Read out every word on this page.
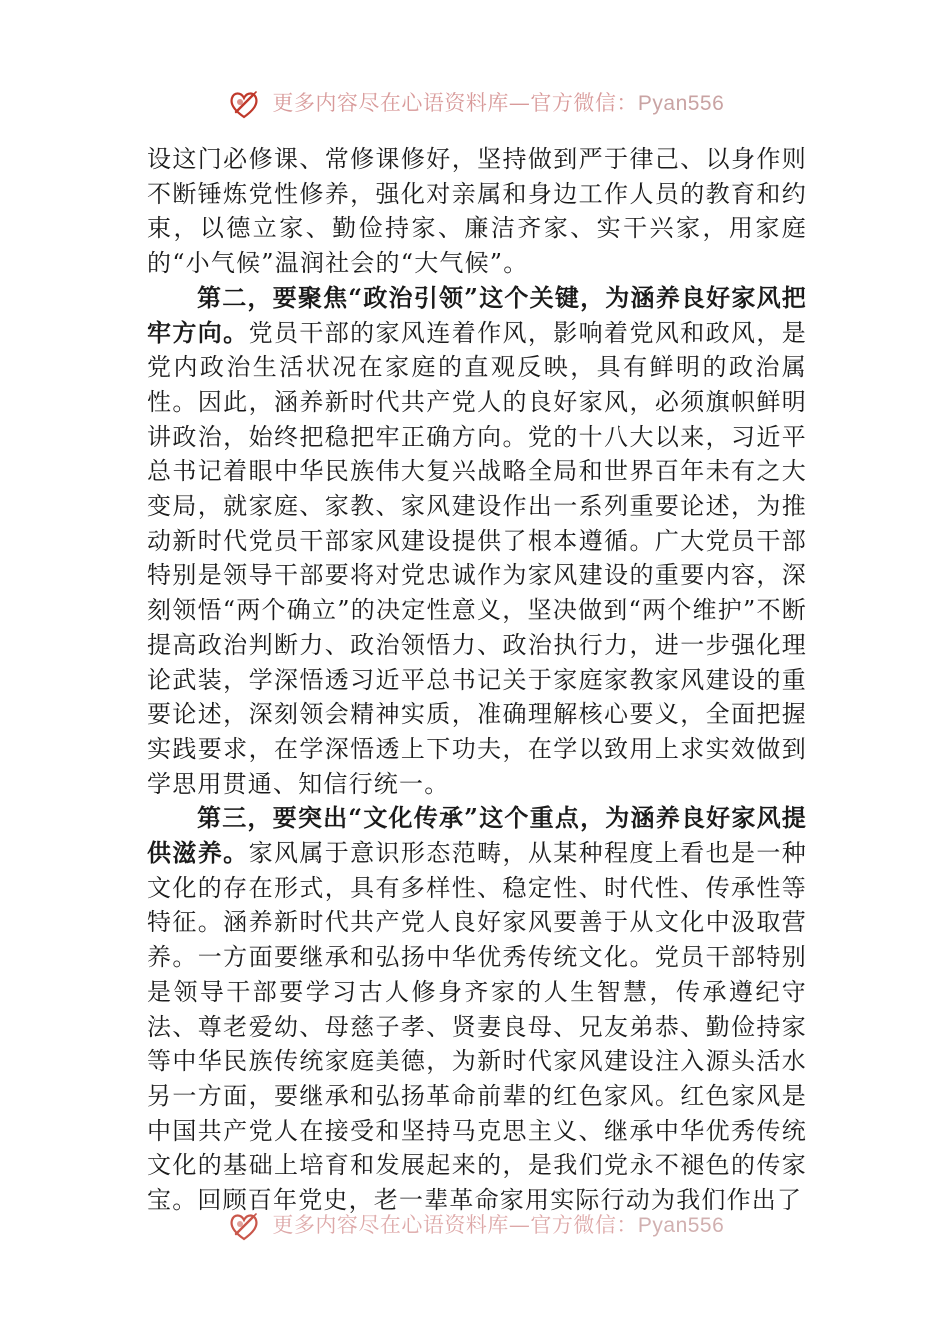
更多内容尽在心语资料库—官方微信：Pyan556

设这门必修课、常修课修好，坚持做到严于律己、以身作则不断锤炼党性修养，强化对亲属和身边工作人员的教育和约束，以德立家、勤俭持家、廉洁齐家、实干兴家，用家庭的“小气候”温润社会的“大气候”。

第二，要聚焦“政治引领”这个关键，为涵养良好家风把牢方向。党员干部的家风连着作风，影响着党风和政风，是党内政治生活状况在家庭的直观反映，具有鲜明的政治属性。因此，涵养新时代共产党人的良好家风，必须旗帜鲜明讲政治，始终把稳把牢正确方向。党的十八大以来，习近平总书记着眼中华民族伟大复兴战略全局和世界百年未有之大变局，就家庭、家教、家风建设作出一系列重要论述，为推动新时代党员干部家风建设提供了根本遵循。广大党员干部特别是领导干部要将对党忠诚作为家风建设的重要内容，深刻领悟“两个确立”的决定性意义，坚决做到“两个维护”不断提高政治判断力、政治领悟力、政治执行力，进一步强化理论武装，学深悟透习近平总书记关于家庭家教家风建设的重要论述，深刻领会精神实质，准确理解核心要义，全面把握实践要求，在学深悟透上下功夫，在学以致用上求实效做到学思用贯通、知信行统一。

第三，要突出“文化传承”这个重点，为涵养良好家风提供滋养。家风属于意识形态范畴，从某种程度上看也是一种文化的存在形式，具有多样性、稳定性、时代性、传承性等特征。涵养新时代共产党人良好家风要善于从文化中汲取营养。一方面要继承和弘扬中华优秀传统文化。党员干部特别是领导干部要学习古人修身齐家的人生智慧，传承遵纪守法、尊老爱幼、母慈子孝、贤妻良母、兄友弟恭、勤俭持家等中华民族传统家庭美德，为新时代家风建设注入源头活水另一方面，要继承和弘扬革命前辈的红色家风。红色家风是中国共产党人在接受和坚持马克思主义、继承中华优秀传统文化的基础上培育和发展起来的，是我们党永不褪色的传家宝。回顾百年党史，老一辈革命家用实际行动为我们作出了

更多内容尽在心语资料库—官方微信：Pyan556
